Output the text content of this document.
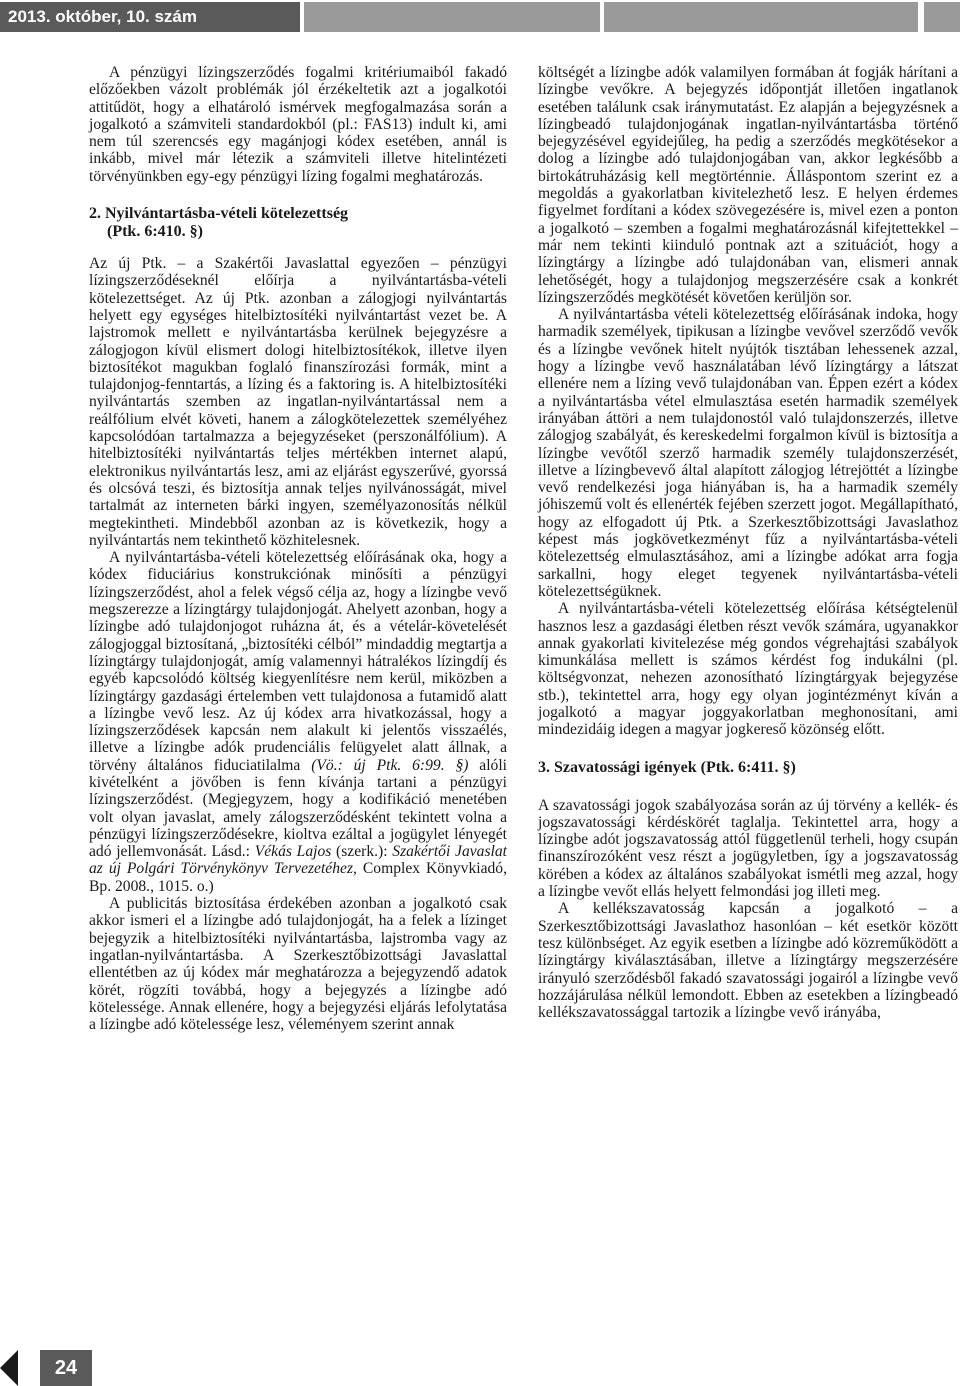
2013. október, 10. szám

A pénzügyi lízingszerződés fogalmi kritériumaiból fakadó előzőekben vázolt problémák jól érzékeltetik azt a jogalkotói attitűdöt, hogy a elhatároló ismérvek megfogalmazása során a jogalkotó a számviteli standardokból (pl.: FAS13) indult ki, ami nem túl szerencsés egy magánjogi kódex esetében, annál is inkább, mivel már létezik a számviteli illetve hitelintézeti törvényünkben egy-egy pénzügyi lízing fogalmi meghatározás.

2. Nyilvántartásba-vételi kötelezettség
(Ptk. 6:410. §)

Az új Ptk. – a Szakértői Javaslattal egyezően – pénzügyi lízingszerződéseknél előírja a nyilvántartásba-vételi kötelezettséget. Az új Ptk. azonban a zálogjogi nyilvántartás helyett egy egységes hitelbiztosítéki nyilvántartást vezet be. A lajstromok mellett e nyilvántartásba kerülnek bejegyzésre a zálogjogon kívül elismert dologi hitelbiztosítékok, illetve ilyen biztosítékot magukban foglaló finanszírozási formák, mint a tulajdonjog-fenntartás, a lízing és a faktoring is. A hitelbiztosítéki nyilvántartás szemben az ingatlan-nyilvántartással nem a reálfólium elvét követi, hanem a zálogkötelezettek személyéhez kapcsolódóan tartalmazza a bejegyzéseket (perszonálfólium). A hitelbiztosítéki nyilvántartás teljes mértékben internet alapú, elektronikus nyilvántartás lesz, ami az eljárást egyszerűvé, gyorssá és olcsóvá teszi, és biztosítja annak teljes nyilvánosságát, mivel tartalmát az interneten bárki ingyen, személyazonosítás nélkül megtekintheti. Mindebből azonban az is következik, hogy a nyilvántartás nem tekinthető közhitelesnek.

A nyilvántartásba-vételi kötelezettség előírásának oka, hogy a kódex fiduciárius konstrukciónak minősíti a pénzügyi lízingszerződést, ahol a felek végső célja az, hogy a lízingbe vevő megszerezze a lízingtárgy tulajdonjogát. Ahelyett azonban, hogy a lízingbe adó tulajdonjogot ruházna át, és a vételár-követelését zálogjoggal biztosítaná, „biztosítéki célból” mindaddig megtartja a lízingtárgy tulajdonjogát, amíg valamennyi hátralékos lízingdíj és egyéb kapcsolódó költség kiegyenlítésre nem kerül, miközben a lízingtárgy gazdasági értelemben vett tulajdonosa a futamidő alatt a lízingbe vevő lesz. Az új kódex arra hivatkozással, hogy a lízingszerződések kapcsán nem alakult ki jelentős visszaélés, illetve a lízingbe adók prudenciális felügyelet alatt állnak, a törvény általános fiduciatilalma (Vö.: új Ptk. 6:99. §) alóli kivételként a jövőben is fenn kívánja tartani a pénzügyi lízingszerződést. (Megjegyzem, hogy a kodifikáció menetében volt olyan javaslat, amely zálogszerződésként tekintett volna a pénzügyi lízingszerződésekre, kioltva ezáltal a jogügylet lényegét adó jellemvonását. Lásd.: Vékás Lajos (szerk.): Szakértői Javaslat az új Polgári Törvénykönyv Tervezetéhez, Complex Könyvkiadó, Bp. 2008., 1015. o.)

A publicitás biztosítása érdekében azonban a jogalkotó csak akkor ismeri el a lízingbe adó tulajdonjogát, ha a felek a lízinget bejegyzik a hitelbiztosítéki nyilvántartásba, lajstromba vagy az ingatlan-nyilvántartásba. A Szerkesztőbizottsági Javaslattal ellentétben az új kódex már meghatározza a bejegyzendő adatok körét, rögzíti továbbá, hogy a bejegyzés a lízingbe adó kötelessége. Annak ellenére, hogy a bejegyzési eljárás lefolytatása a lízingbe adó kötelessége lesz, véleményem szerint annak

költségét a lízingbe adók valamilyen formában át fogják hárítani a lízingbe vevőkre. A bejegyzés időpontját illetően ingatlanok esetében találunk csak iránymutatást. Ez alapján a bejegyzésnek a lízingbeadó tulajdonjogának ingatlan-nyilvántartásba történő bejegyzésével egyidejűleg, ha pedig a szerződés megkötésekor a dolog a lízingbe adó tulajdonjogában van, akkor legkésőbb a birtokátruházásig kell megtörténnie. Álláspontom szerint ez a megoldás a gyakorlatban kivitelezhető lesz. E helyen érdemes figyelmet fordítani a kódex szövegezésére is, mivel ezen a ponton a jogalkotó – szemben a fogalmi meghatározásnál kifejtettekkel – már nem tekinti kiinduló pontnak azt a szituációt, hogy a lízingtárgy a lízingbe adó tulajdonában van, elismeri annak lehetőségét, hogy a tulajdonjog megszerzésére csak a konkrét lízingszerződés megkötését követően kerüljön sor.

A nyilvántartásba vételi kötelezettség előírásának indoka, hogy harmadik személyek, tipikusan a lízingbe vevővel szerződő vevők és a lízingbe vevőnek hitelt nyújtók tisztában lehessenek azzal, hogy a lízingbe vevő használatában lévő lízingtárgy a látszat ellenére nem a lízing vevő tulajdonában van. Éppen ezért a kódex a nyilvántartásba vétel elmulasztása esetén harmadik személyek irányában áttöri a nem tulajdonostól való tulajdonszerzés, illetve zálogjog szabályát, és kereskedelmi forgalmon kívül is biztosítja a lízingbe vevőtől szerző harmadik személy tulajdonszerzését, illetve a lízingbevevő által alapított zálogjog létrejöttét a lízingbe vevő rendelkezési joga hiányában is, ha a harmadik személy jóhiszemű volt és ellenérték fejében szerzett jogot. Megállapítható, hogy az elfogadott új Ptk. a Szerkesztőbizottsági Javaslathoz képest más jogkövetkezményt fűz a nyilvántartásba-vételi kötelezettség elmulasztásához, ami a lízingbe adókat arra fogja sarkallni, hogy eleget tegyenek nyilvántartásba-vételi kötelezettségüknek.

A nyilvántartásba-vételi kötelezettség előírása kétségtelenül hasznos lesz a gazdasági életben részt vevők számára, ugyanakkor annak gyakorlati kivitelezése még gondos végrehajtási szabályok kimunkálása mellett is számos kérdést fog indukálni (pl. költségvonzat, nehezen azonosítható lízingtárgyak bejegyzése stb.), tekintettel arra, hogy egy olyan jogintézményt kíván a jogalkotó a magyar joggyakorlatban meghonosítani, ami mindezidáig idegen a magyar jogkereső közönség előtt.

3. Szavatossági igények (Ptk. 6:411. §)

A szavatossági jogok szabályozása során az új törvény a kellék- és jogszavatossági kérdéskörét taglalja. Tekintettel arra, hogy a lízingbe adót jogszavatosság attól függetlenül terheli, hogy csupán finanszírozóként vesz részt a jogügyletben, így a jogszavatosság körében a kódex az általános szabályokat ismétli meg azzal, hogy a lízingbe vevőt ellás helyett felmondási jog illeti meg.

A kellékszavatosság kapcsán a jogalkotó – a Szerkesztőbizottsági Javaslathoz hasonlóan – két esetkör között tesz különbséget. Az egyik esetben a lízingbe adó közreműködött a lízingtárgy kiválasztásában, illetve a lízingtárgy megszerzésére irányuló szerződésből fakadó szavatossági jogairól a lízingbe vevő hozzájárulása nélkül lemondott. Ebben az esetekben a lízingbeadó kellékszavatossággal tartozik a lízingbe vevő irányába,

24
